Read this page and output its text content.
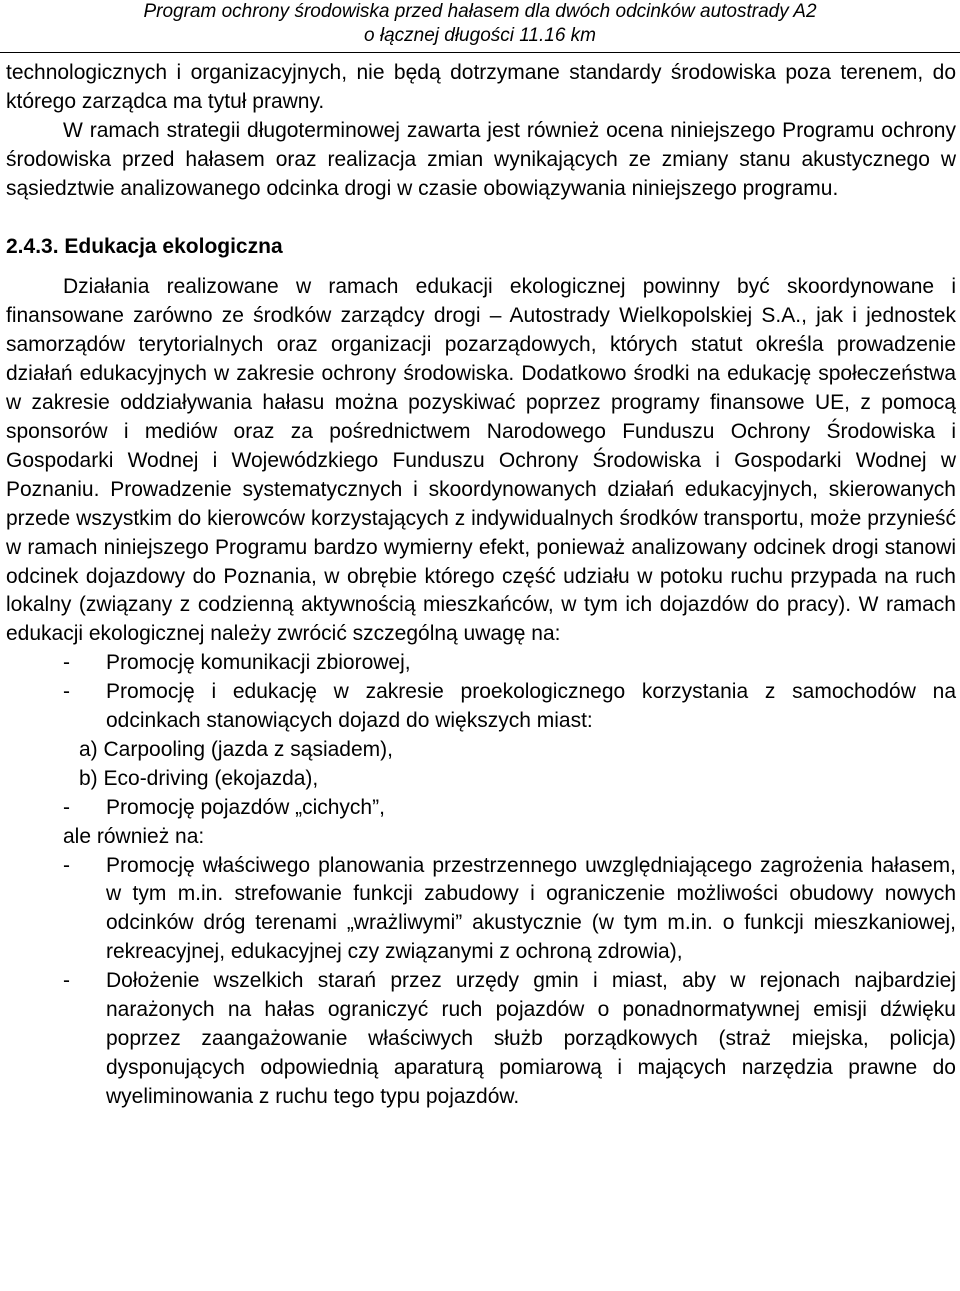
Program ochrony środowiska przed hałasem dla dwóch odcinków autostrady A2
o łącznej długości 11.16 km

technologicznych i organizacyjnych, nie będą dotrzymane standardy środowiska poza terenem, do którego zarządca ma tytuł prawny.

W ramach strategii długoterminowej zawarta jest również ocena niniejszego Programu ochrony środowiska przed hałasem oraz realizacja zmian wynikających ze zmiany stanu akustycznego w sąsiedztwie analizowanego odcinka drogi w czasie obowiązywania niniejszego programu.

2.4.3. Edukacja ekologiczna

Działania realizowane w ramach edukacji ekologicznej powinny być skoordynowane i finansowane zarówno ze środków zarządcy drogi – Autostrady Wielkopolskiej S.A., jak i jednostek samorządów terytorialnych oraz organizacji pozarządowych, których statut określa prowadzenie działań edukacyjnych w zakresie ochrony środowiska. Dodatkowo środki na edukację społeczeństwa w zakresie oddziaływania hałasu można pozyskiwać poprzez programy finansowe UE, z pomocą sponsorów i mediów oraz za pośrednictwem Narodowego Funduszu Ochrony Środowiska i Gospodarki Wodnej i Wojewódzkiego Funduszu Ochrony Środowiska i Gospodarki Wodnej w Poznaniu. Prowadzenie systematycznych i skoordynowanych działań edukacyjnych, skierowanych przede wszystkim do kierowców korzystających z indywidualnych środków transportu, może przynieść w ramach niniejszego Programu bardzo wymierny efekt, ponieważ analizowany odcinek drogi stanowi odcinek dojazdowy do Poznania, w obrębie którego część udziału w potoku ruchu przypada na ruch lokalny (związany z codzienną aktywnością mieszkańców, w tym ich dojazdów do pracy). W ramach edukacji ekologicznej należy zwrócić szczególną uwagę na:

- Promocję komunikacji zbiorowej,
- Promocję i edukację w zakresie proekologicznego korzystania z samochodów na odcinkach stanowiących dojazd do większych miast:
a) Carpooling (jazda z sąsiadem),
b) Eco-driving (ekojazda),
- Promocję pojazdów „cichych”,
ale również na:
- Promocję właściwego planowania przestrzennego uwzględniającego zagrożenia hałasem, w tym m.in. strefowanie funkcji zabudowy i ograniczenie możliwości obudowy nowych odcinków dróg terenami „wrażliwymi” akustycznie (w tym m.in. o funkcji mieszkaniowej, rekreacyjnej, edukacyjnej czy związanymi z ochroną zdrowia),
- Dołożenie wszelkich starań przez urzędy gmin i miast, aby w rejonach najbardziej narażonych na hałas ograniczyć ruch pojazdów o ponadnormatywnej emisji dźwięku poprzez zaangażowanie właściwych służb porządkowych (straż miejska, policja) dysponujących odpowiednią aparaturą pomiarową i mających narzędzia prawne do wyeliminowania z ruchu tego typu pojazdów.
